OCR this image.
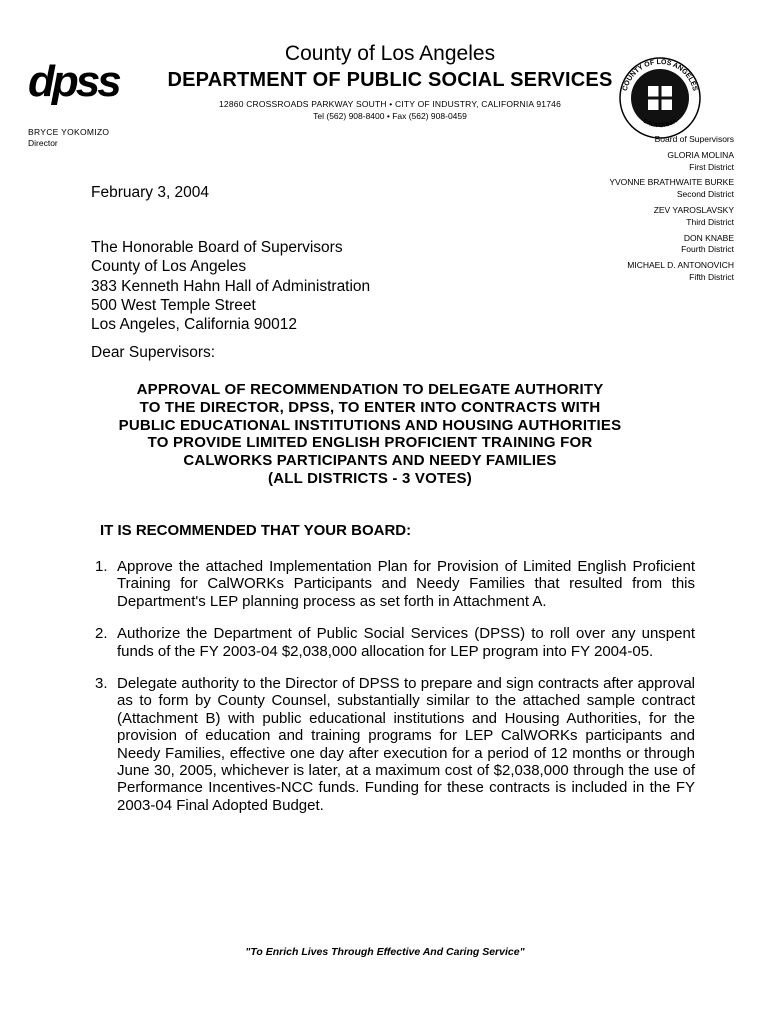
dpss
County of Los Angeles
DEPARTMENT OF PUBLIC SOCIAL SERVICES
12860 CROSSROADS PARKWAY SOUTH • CITY OF INDUSTRY, CALIFORNIA 91746
Tel (562) 908-8400 • Fax (562) 908-0459
COUNTY OF LOS ANGELES
CALIFORNIA
BRYCE YOKOMIZO
Director	Board of Supervisors
GLORIA MOLINA
First District
YVONNE BRATHWAITE BURKE
Second District
ZEV YAROSLAVSKY
Third District
DON KNABE
Fourth District
MICHAEL D. ANTONOVICH
Fifth District
February 3, 2004
The Honorable Board of Supervisors
County of Los Angeles
383 Kenneth Hahn Hall of Administration
500 West Temple Street
Los Angeles, California 90012
Dear Supervisors:
APPROVAL OF RECOMMENDATION TO DELEGATE AUTHORITY
TO THE DIRECTOR, DPSS, TO ENTER INTO CONTRACTS WITH
PUBLIC EDUCATIONAL INSTITUTIONS AND HOUSING AUTHORITIES
TO PROVIDE LIMITED ENGLISH PROFICIENT TRAINING FOR
CALWORKS PARTICIPANTS AND NEEDY FAMILIES
(ALL DISTRICTS - 3 VOTES)
IT IS RECOMMENDED THAT YOUR BOARD:
1. Approve the attached Implementation Plan for Provision of Limited English Proficient Training for CalWORKs Participants and Needy Families that resulted from this Department's LEP planning process as set forth in Attachment A.
2. Authorize the Department of Public Social Services (DPSS) to roll over any unspent funds of the FY 2003-04 $2,038,000 allocation for LEP program into FY 2004-05.
3. Delegate authority to the Director of DPSS to prepare and sign contracts after approval as to form by County Counsel, substantially similar to the attached sample contract (Attachment B) with public educational institutions and Housing Authorities, for the provision of education and training programs for LEP CalWORKs participants and Needy Families, effective one day after execution for a period of 12 months or through June 30, 2005, whichever is later, at a maximum cost of $2,038,000 through the use of Performance Incentives-NCC funds. Funding for these contracts is included in the FY 2003-04 Final Adopted Budget.
"To Enrich Lives Through Effective And Caring Service"
